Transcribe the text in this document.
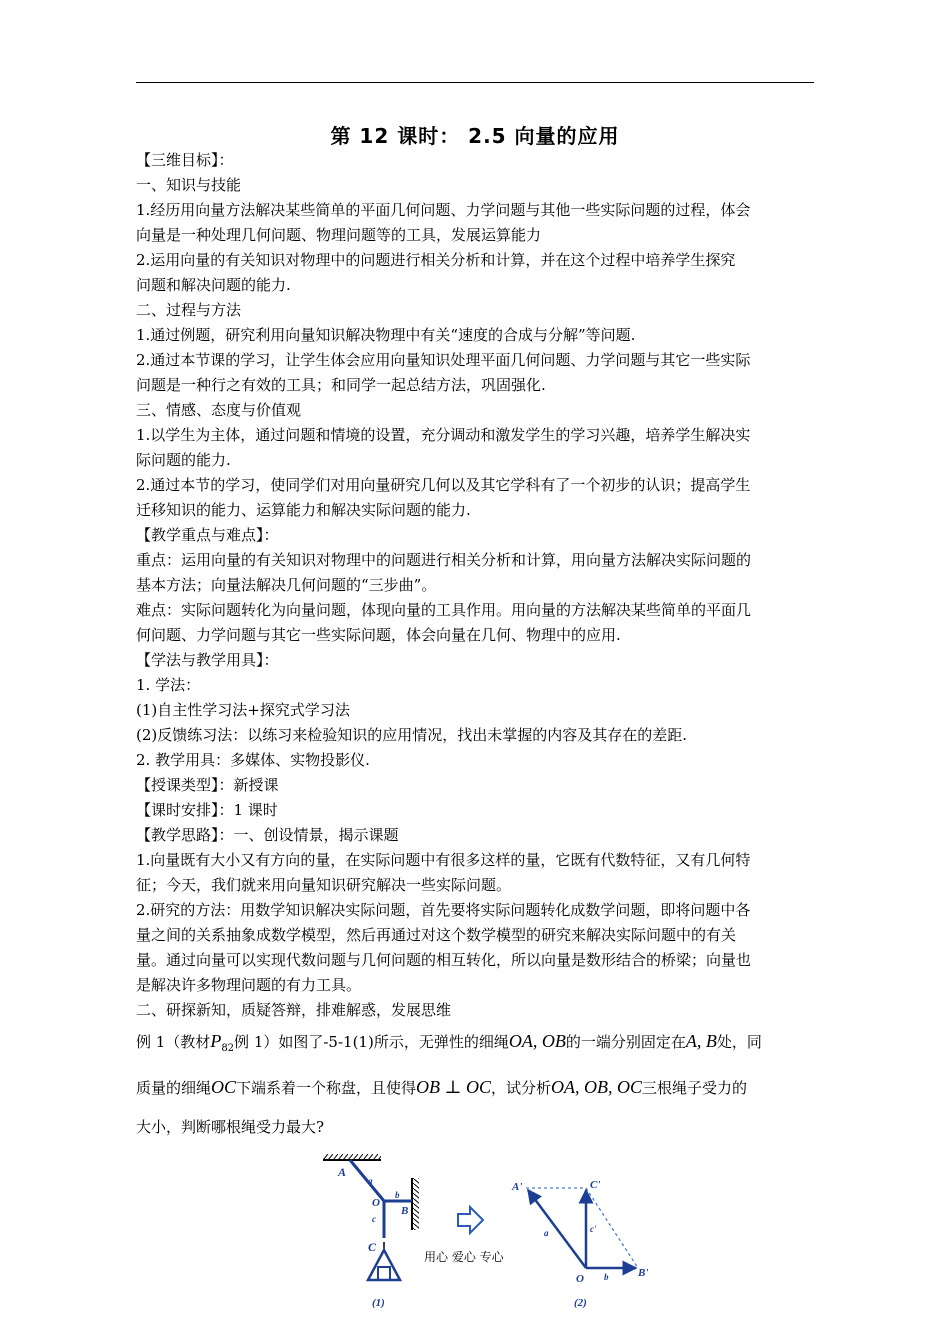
第 12 课时： 2.5 向量的应用
【三维目标】：
一、知识与技能
1.经历用向量方法解决某些简单的平面几何问题、力学问题与其他一些实际问题的过程，体会
向量是一种处理几何问题、物理问题等的工具，发展运算能力
2.运用向量的有关知识对物理中的问题进行相关分析和计算，并在这个过程中培养学生探究
问题和解决问题的能力.
二、过程与方法
1.通过例题，研究利用向量知识解决物理中有关“速度的合成与分解”等问题.
2.通过本节课的学习，让学生体会应用向量知识处理平面几何问题、力学问题与其它一些实际
问题是一种行之有效的工具；和同学一起总结方法，巩固强化.
三、情感、态度与价值观
1.以学生为主体，通过问题和情境的设置，充分调动和激发学生的学习兴趣，培养学生解决实
际问题的能力.
2.通过本节的学习，使同学们对用向量研究几何以及其它学科有了一个初步的认识；提高学生
迁移知识的能力、运算能力和解决实际问题的能力.
【教学重点与难点】：
重点：运用向量的有关知识对物理中的问题进行相关分析和计算，用向量方法解决实际问题的
基本方法；向量法解决几何问题的“三步曲”。
难点：实际问题转化为向量问题，体现向量的工具作用。用向量的方法解决某些简单的平面几
何问题、力学问题与其它一些实际问题，体会向量在几何、物理中的应用.
【学法与教学用具】：
1. 学法：
(1)自主性学习法+探究式学习法
(2)反馈练习法：以练习来检验知识的应用情况，找出未掌握的内容及其存在的差距.
2. 教学用具：多媒体、实物投影仪.
【授课类型】：新授课
【课时安排】：1 课时
【教学思路】：一、创设情景，揭示课题
1.向量既有大小又有方向的量，在实际问题中有很多这样的量，它既有代数特征，又有几何特
征；今天，我们就来用向量知识研究解决一些实际问题。
2.研究的方法：用数学知识解决实际问题，首先要将实际问题转化成数学问题，即将问题中各
量之间的关系抽象成数学模型，然后再通过对这个数学模型的研究来解决实际问题中的有关
量。通过向量可以实现代数问题与几何问题的相互转化，所以向量是数形结合的桥梁；向量也
是解决许多物理问题的有力工具。
二、研探新知，质疑答辩，排难解惑，发展思维
例 1（教材$P_{82}$例 1）如图了-5-1(1)所示，无弹性的细绳OA, OB的一端分别固定在A, B处，同
质量的细绳OC下端系着一个称盘，且使得OB ⊥ OC，试分析OA, OB, OC三根绳子受力的
大小，判断哪根绳受力最大?
A
a
b
O
B
c
C
(1)
A'	C'
a	c'
O b	B'
(2)
用心 爱心 专心
